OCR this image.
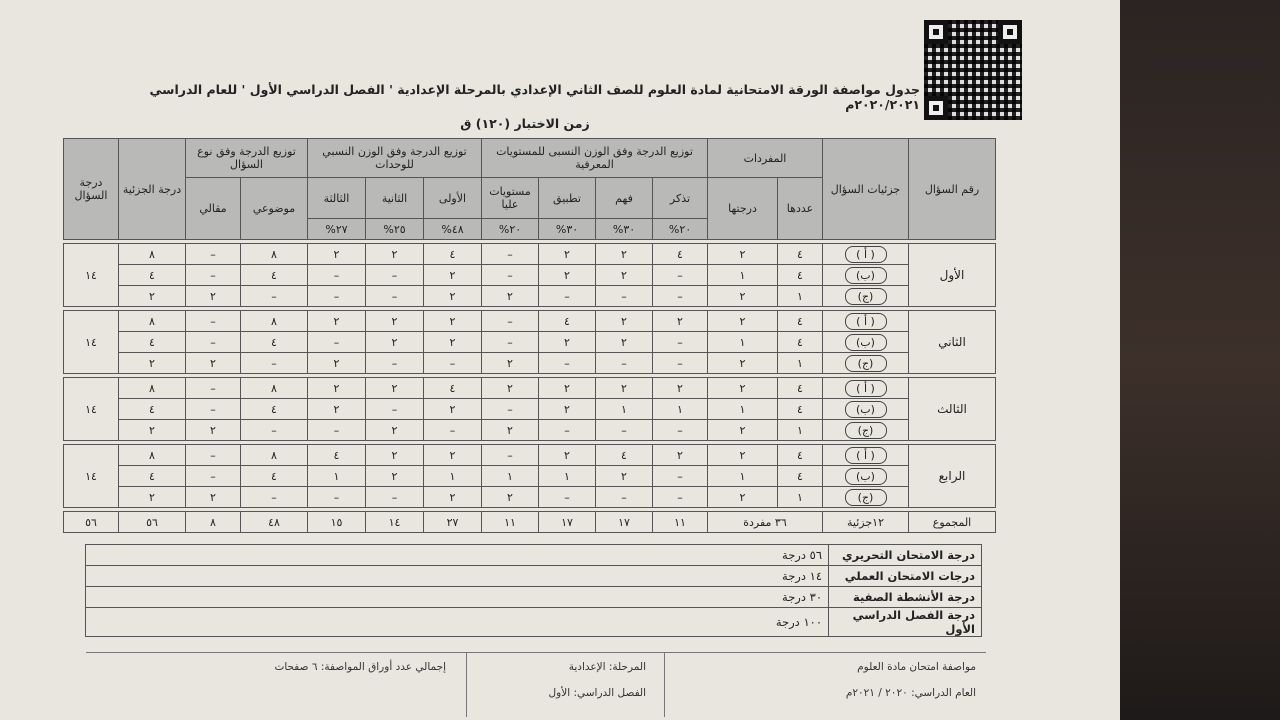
جدول مواصفة الورقة الامتحانية لمادة العلوم للصف الثاني الإعدادي بالمرحلة الإعدادية ' الفصل الدراسي الأول ' للعام الدراسي ٢٠٢٠/٢٠٢١م
زمن الاختبار (١٢٠) ق
رقم السؤال	جزئيات السؤال	المفردات		توزيع الدرجة وفق الوزن النسبى للمستويات المعرفية				توزيع الدرجة وفق الوزن النسبي للوحدات			توزيع الدرجة وفق نوع السؤال		درجة الجزئية	درجة السؤال
		عددها	درجتها	تذكر	فهم	تطبيق	مستويات عليا	الأولى	الثانية	الثالثة	موضوعي	مقالي		
				٢٠%	٣٠%	٣٠%	٢٠%	٤٨%	٢٥%	٢٧%				

الأول	( أ )	٤	٢	٤	٢	٢	–	٤	٢	٢	٨	–	٨	١٤
	(ب)	٤	١	–	٢	٢	–	٢	–	–	٤	–	٤	
	(ج)	١	٢	–	–	–	٢	٢	–	–	–	٢	٢	

الثاني	( أ )	٤	٢	٢	٢	٤	–	٢	٢	٢	٨	–	٨	١٤
	(ب)	٤	١	–	٢	٢	–	٢	٢	–	٤	–	٤	
	(ج)	١	٢	–	–	–	٢	–	–	٢	–	٢	٢	

الثالث	( أ )	٤	٢	٢	٢	٢	٢	٤	٢	٢	٨	–	٨	١٤
	(ب)	٤	١	١	١	٢	–	٢	–	٢	٤	–	٤	
	(ج)	١	٢	–	–	–	٢	–	٢	–	–	٢	٢	

الرابع	( أ )	٤	٢	٢	٤	٢	–	٢	٢	٤	٨	–	٨	١٤
	(ب)	٤	١	–	٢	١	١	١	٢	١	٤	–	٤	
	(ج)	١	٢	–	–	–	٢	٢	–	–	–	٢	٢	

المجموع	١٢جزئية	٣٦ مفردة		١١	١٧	١٧	١١	٢٧	١٤	١٥	٤٨	٨	٥٦	٥٦
درجة الامتحان التحريري	٥٦ درجة
درجات الامتحان العملي	١٤ درجة
درجة الأنشطة الصفية	٣٠ درجة
درجة الفصل الدراسي الأول	١٠٠ درجة
مواصفة امتحان مادة العلوم
العام الدراسي: ٢٠٢٠ / ٢٠٢١م
المرحلة: الإعدادية
الفصل الدراسي: الأول
إجمالي عدد أوراق المواصفة: ٦ صفحات
